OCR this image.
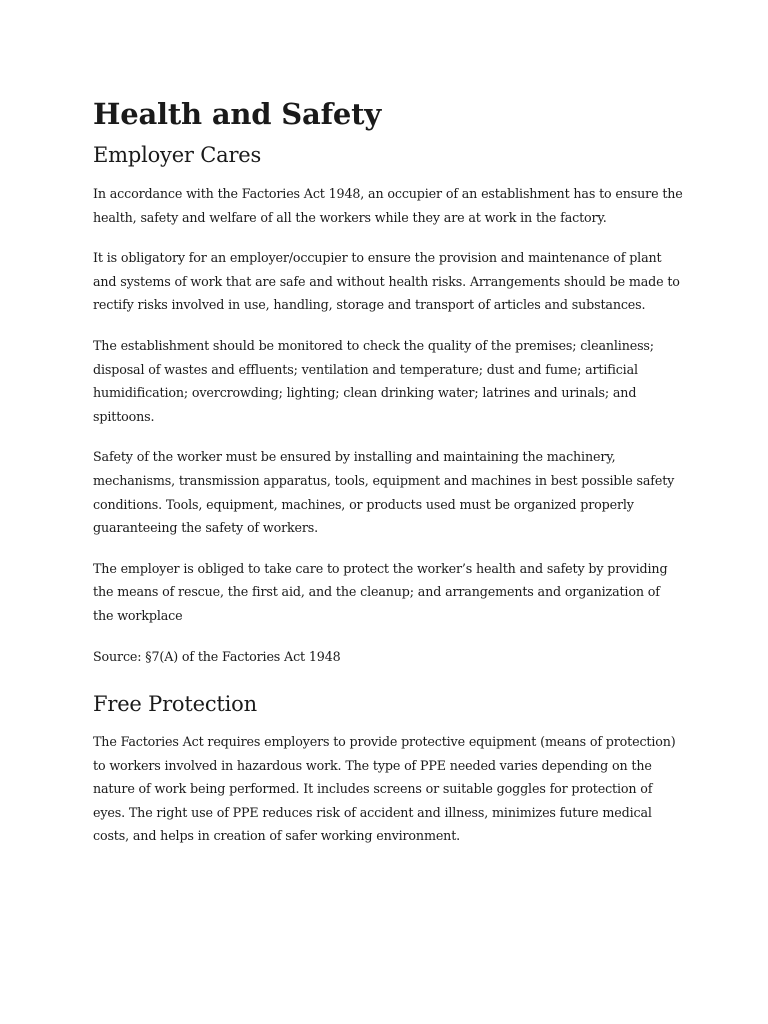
Health and Safety
Employer Cares

In accordance with the Factories Act 1948, an occupier of an establishment has to ensure the health, safety and welfare of all the workers while they are at work in the factory.

It is obligatory for an employer/occupier to ensure the provision and maintenance of plant and systems of work that are safe and without health risks. Arrangements should be made to rectify risks involved in use, handling, storage and transport of articles and substances.

The establishment should be monitored to check the quality of the premises; cleanliness; disposal of wastes and effluents; ventilation and temperature; dust and fume; artificial humidification; overcrowding; lighting; clean drinking water; latrines and urinals; and spittoons.

Safety of the worker must be ensured by installing and maintaining the machinery, mechanisms, transmission apparatus, tools, equipment and machines in best possible safety conditions. Tools, equipment, machines, or products used must be organized properly guaranteeing the safety of workers.

The employer is obliged to take care to protect the worker’s health and safety by providing the means of rescue, the first aid, and the cleanup; and arrangements and organization of the workplace

Source: §7(A) of the Factories Act 1948

Free Protection

The Factories Act requires employers to provide protective equipment (means of protection) to workers involved in hazardous work. The type of PPE needed varies depending on the nature of work being performed. It includes screens or suitable goggles for protection of eyes. The right use of PPE reduces risk of accident and illness, minimizes future medical costs, and helps in creation of safer working environment.
